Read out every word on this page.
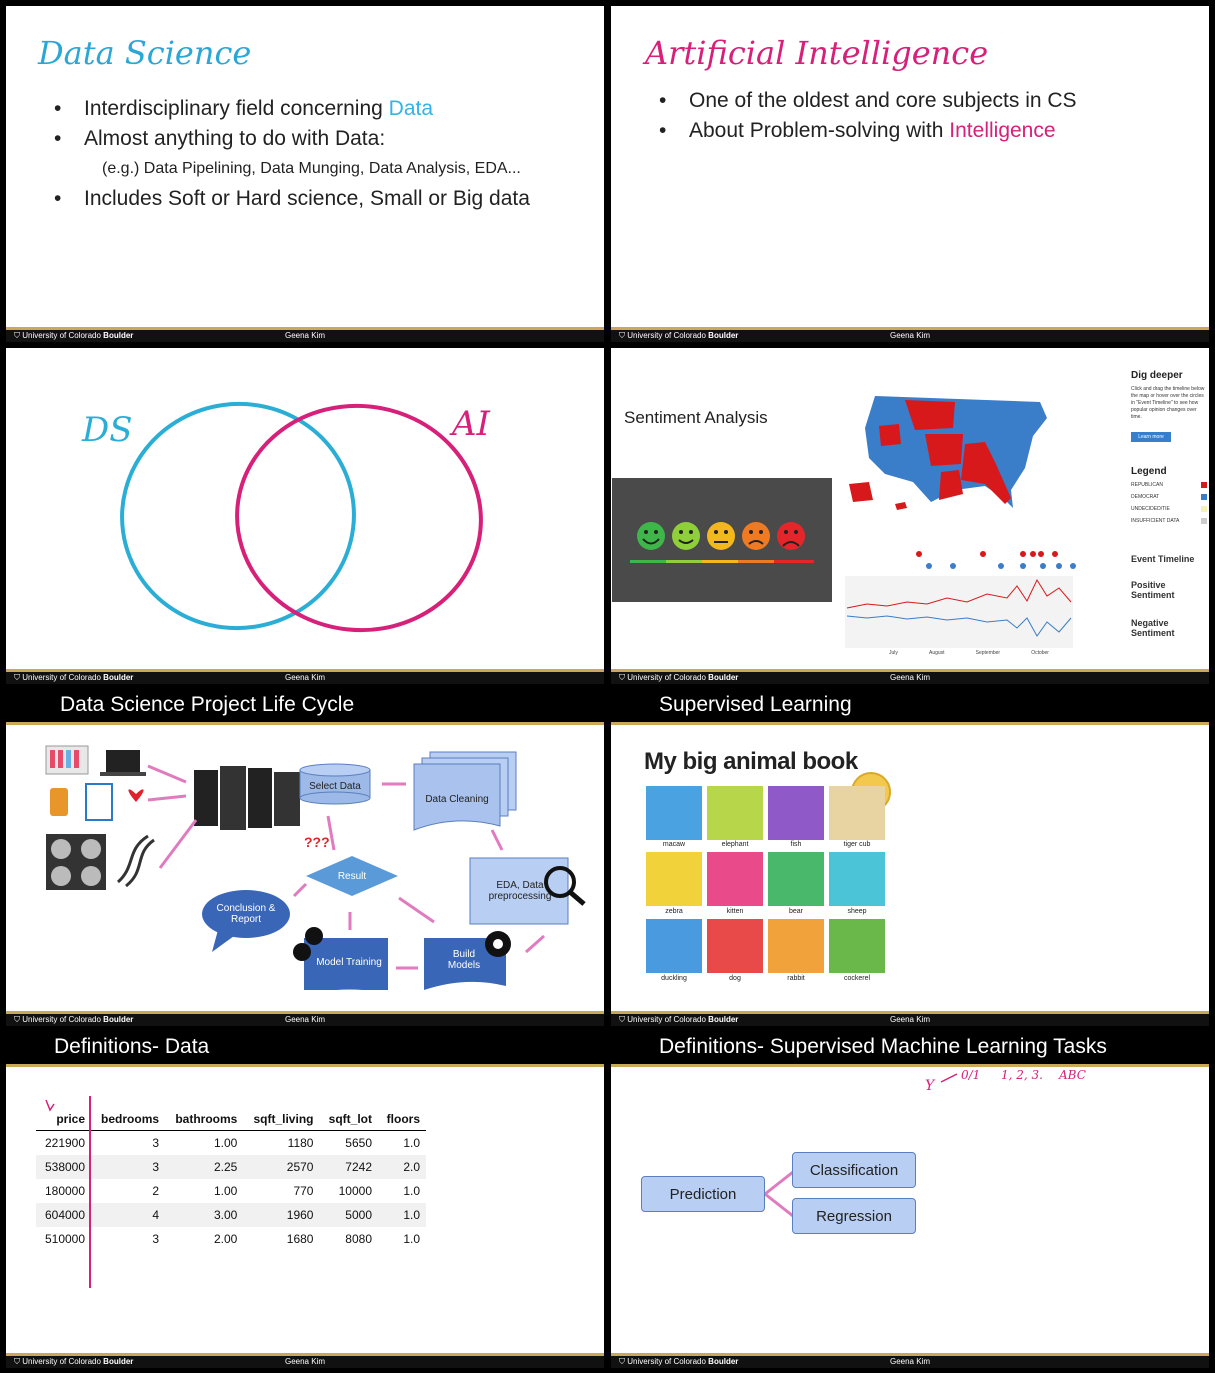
Data Science
• Interdisciplinary field concerning Data
• Almost anything to do with Data:
(e.g.) Data Pipelining, Data Munging, Data Analysis, EDA...
• Includes Soft or Hard science, Small or Big data
⛉ University of Colorado Boulder	Geena Kim
Artificial Intelligence
• One of the oldest and core subjects in CS
• About Problem-solving with Intelligence
⛉ University of Colorado Boulder	Geena Kim
DS	AI
⛉ University of Colorado Boulder	Geena Kim
Sentiment Analysis
July	August	September	October
Dig deeper
Click and drag the timeline below the map or hover over the circles in "Event Timeline" to see how popular opinion changes over time.
Learn more
Legend
REPUBLICAN
DEMOCRAT
UNDECIDED/TIE
INSUFFICIENT DATA
Event Timeline
Positive Sentiment
Negative Sentiment
⛉ University of Colorado Boulder	Geena Kim
Data Science Project Life Cycle
Select Data
Data Cleaning
EDA, Data preprocessing
Build Models
Model Training
Result
Conclusion & Report
???
⛉ University of Colorado Boulder	Geena Kim
Supervised Learning
My big animal book
macaw	elephant	fish	tiger cub
zebra	kitten	bear	sheep
duckling	dog	rabbit	cockerel
⛉ University of Colorado Boulder	Geena Kim
Definitions- Data
price	bedrooms	bathrooms	sqft_living	sqft_lot	floors
221900	3	1.00	1180	5650	1.0
538000	3	2.25	2570	7242	2.0
180000	2	1.00	770	10000	1.0
604000	4	3.00	1960	5000	1.0
510000	3	2.00	1680	8080	1.0
⛉ University of Colorado Boulder	Geena Kim
Definitions- Supervised Machine Learning Tasks
Y
0/1 1, 2, 3. ABC
Prediction
Classification
Regression
⛉ University of Colorado Boulder	Geena Kim
